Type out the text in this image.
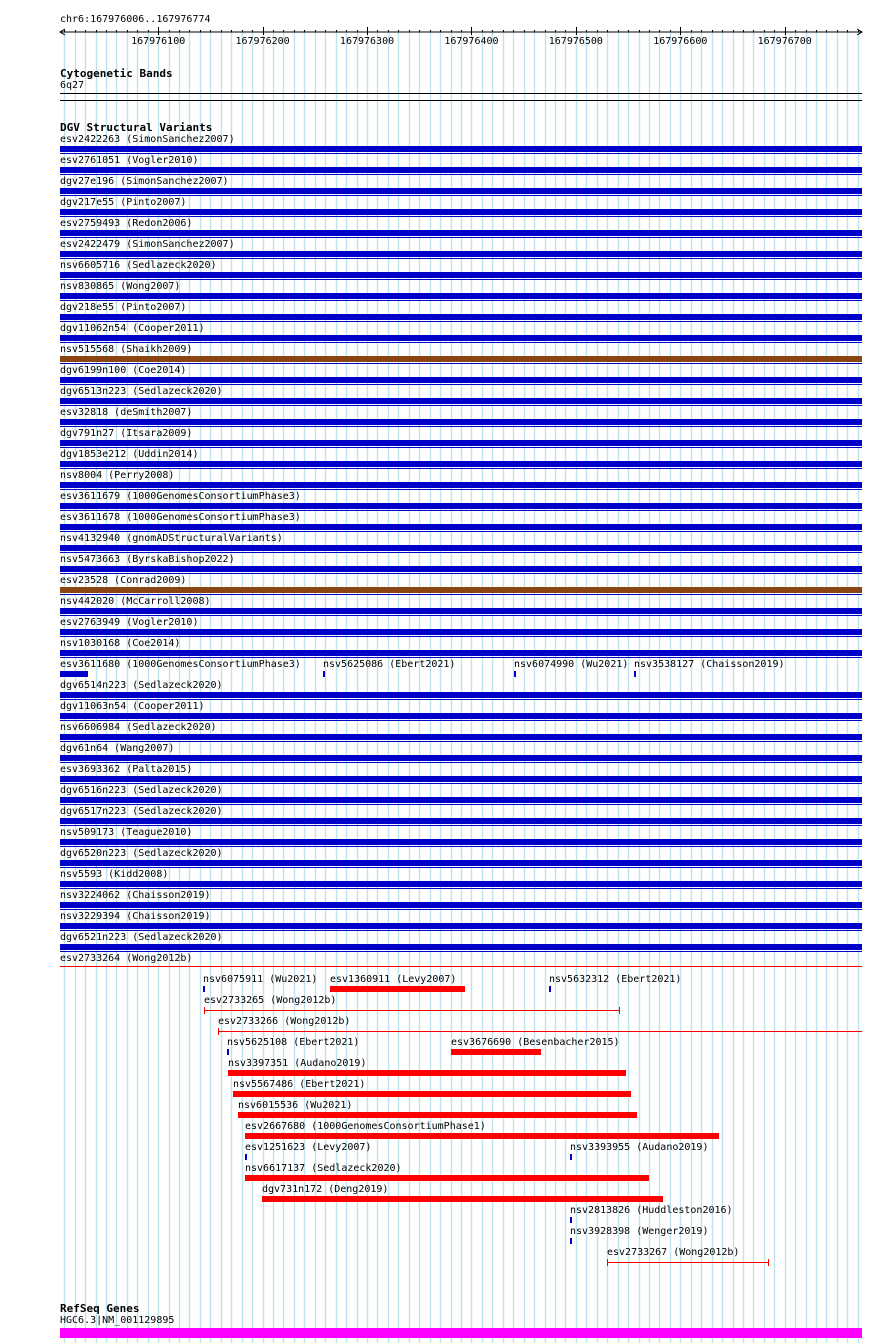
chr6:167976006..167976774
167976100	167976200	167976300	167976400	167976500	167976600	167976700
Cytogenetic Bands
6q27
DGV Structural Variants
esv2422263 (SimonSanchez2007)
esv2761051 (Vogler2010)
dgv27e196 (SimonSanchez2007)
dgv217e55 (Pinto2007)
esv2759493 (Redon2006)
esv2422479 (SimonSanchez2007)
nsv6605716 (Sedlazeck2020)
nsv830865 (Wong2007)
dgv218e55 (Pinto2007)
dgv11062n54 (Cooper2011)
nsv515568 (Shaikh2009)
dgv6199n100 (Coe2014)
dgv6513n223 (Sedlazeck2020)
esv32818 (deSmith2007)
dgv791n27 (Itsara2009)
dgv1853e212 (Uddin2014)
nsv8004 (Perry2008)
esv3611679 (1000GenomesConsortiumPhase3)
esv3611678 (1000GenomesConsortiumPhase3)
nsv4132940 (gnomADStructuralVariants)
nsv5473663 (ByrskaBishop2022)
esv23528 (Conrad2009)
nsv442020 (McCarroll2008)
esv2763949 (Vogler2010)
nsv1030168 (Coe2014)
esv3611680 (1000GenomesConsortiumPhase3) nsv5625086 (Ebert2021)	nsv6074990 (Wu2021) nsv3538127 (Chaisson2019)
dgv6514n223 (Sedlazeck2020)
dgv11063n54 (Cooper2011)
nsv6606984 (Sedlazeck2020)
dgv61n64 (Wang2007)
esv3693362 (Palta2015)
dgv6516n223 (Sedlazeck2020)
dgv6517n223 (Sedlazeck2020)
nsv509173 (Teague2010)
dgv6520n223 (Sedlazeck2020)
nsv5593 (Kidd2008)
nsv3224062 (Chaisson2019)
nsv3229394 (Chaisson2019)
dgv6521n223 (Sedlazeck2020)
esv2733264 (Wong2012b)
nsv6075911 (Wu2021) esv1360911 (Levy2007)	nsv5632312 (Ebert2021)
esv2733265 (Wong2012b)
esv2733266 (Wong2012b)
nsv5625108 (Ebert2021)	esv3676690 (Besenbacher2015)
nsv3397351 (Audano2019)
nsv5567486 (Ebert2021)
nsv6015536 (Wu2021)
esv2667680 (1000GenomesConsortiumPhase1)
esv1251623 (Levy2007)	nsv3393955 (Audano2019)
nsv6617137 (Sedlazeck2020)
dgv731n172 (Deng2019)
nsv2813826 (Huddleston2016)
nsv3928398 (Wenger2019)
esv2733267 (Wong2012b)
RefSeq Genes
HGC6.3|NM_001129895
